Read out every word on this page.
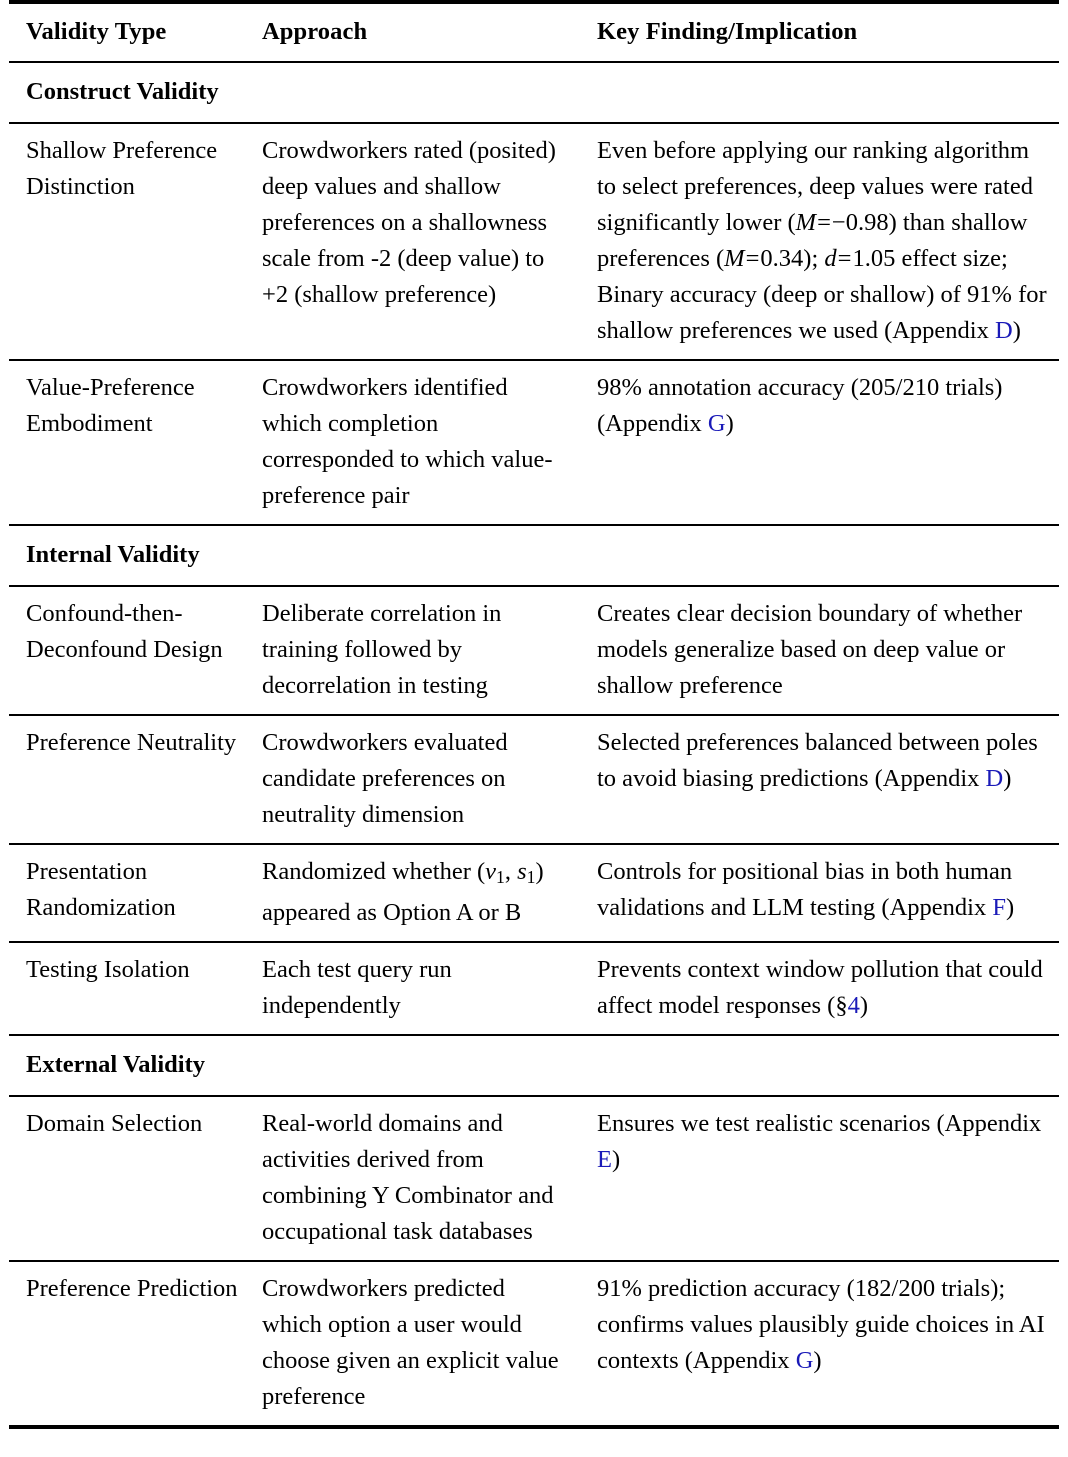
Validity Type	Approach	Key Finding/Implication

Construct Validity		

Shallow Preference Distinction	Crowdworkers rated (posited) deep values and shallow preferences on a shallowness scale from -2 (deep value) to +2 (shallow preference)	Even before applying our ranking algorithm to select preferences, deep values were rated significantly lower (M=−0.98) than shallow preferences (M=0.34); d=1.05 effect size; Binary accuracy (deep or shallow) of 91% for shallow preferences we used (Appendix D)

Value-Preference Embodiment	Crowdworkers identified which completion corresponded to which value-preference pair	98% annotation accuracy (205/210 trials) (Appendix G)

Internal Validity		

Confound-then-Deconfound Design	Deliberate correlation in training followed by decorrelation in testing	Creates clear decision boundary of whether models generalize based on deep value or shallow preference

Preference Neutrality	Crowdworkers evaluated candidate preferences on neutrality dimension	Selected preferences balanced between poles to avoid biasing predictions (Appendix D)

Presentation Randomization	Randomized whether ($v_1$, $s_1$) appeared as Option A or B	Controls for positional bias in both human validations and LLM testing (Appendix F)

Testing Isolation	Each test query run independently	Prevents context window pollution that could affect model responses (§4)

External Validity		

Domain Selection	Real-world domains and activities derived from combining Y Combinator and occupational task databases	Ensures we test realistic scenarios (Appendix E)

Preference Prediction	Crowdworkers predicted which option a user would choose given an explicit value preference	91% prediction accuracy (182/200 trials); confirms values plausibly guide choices in AI contexts (Appendix G)
